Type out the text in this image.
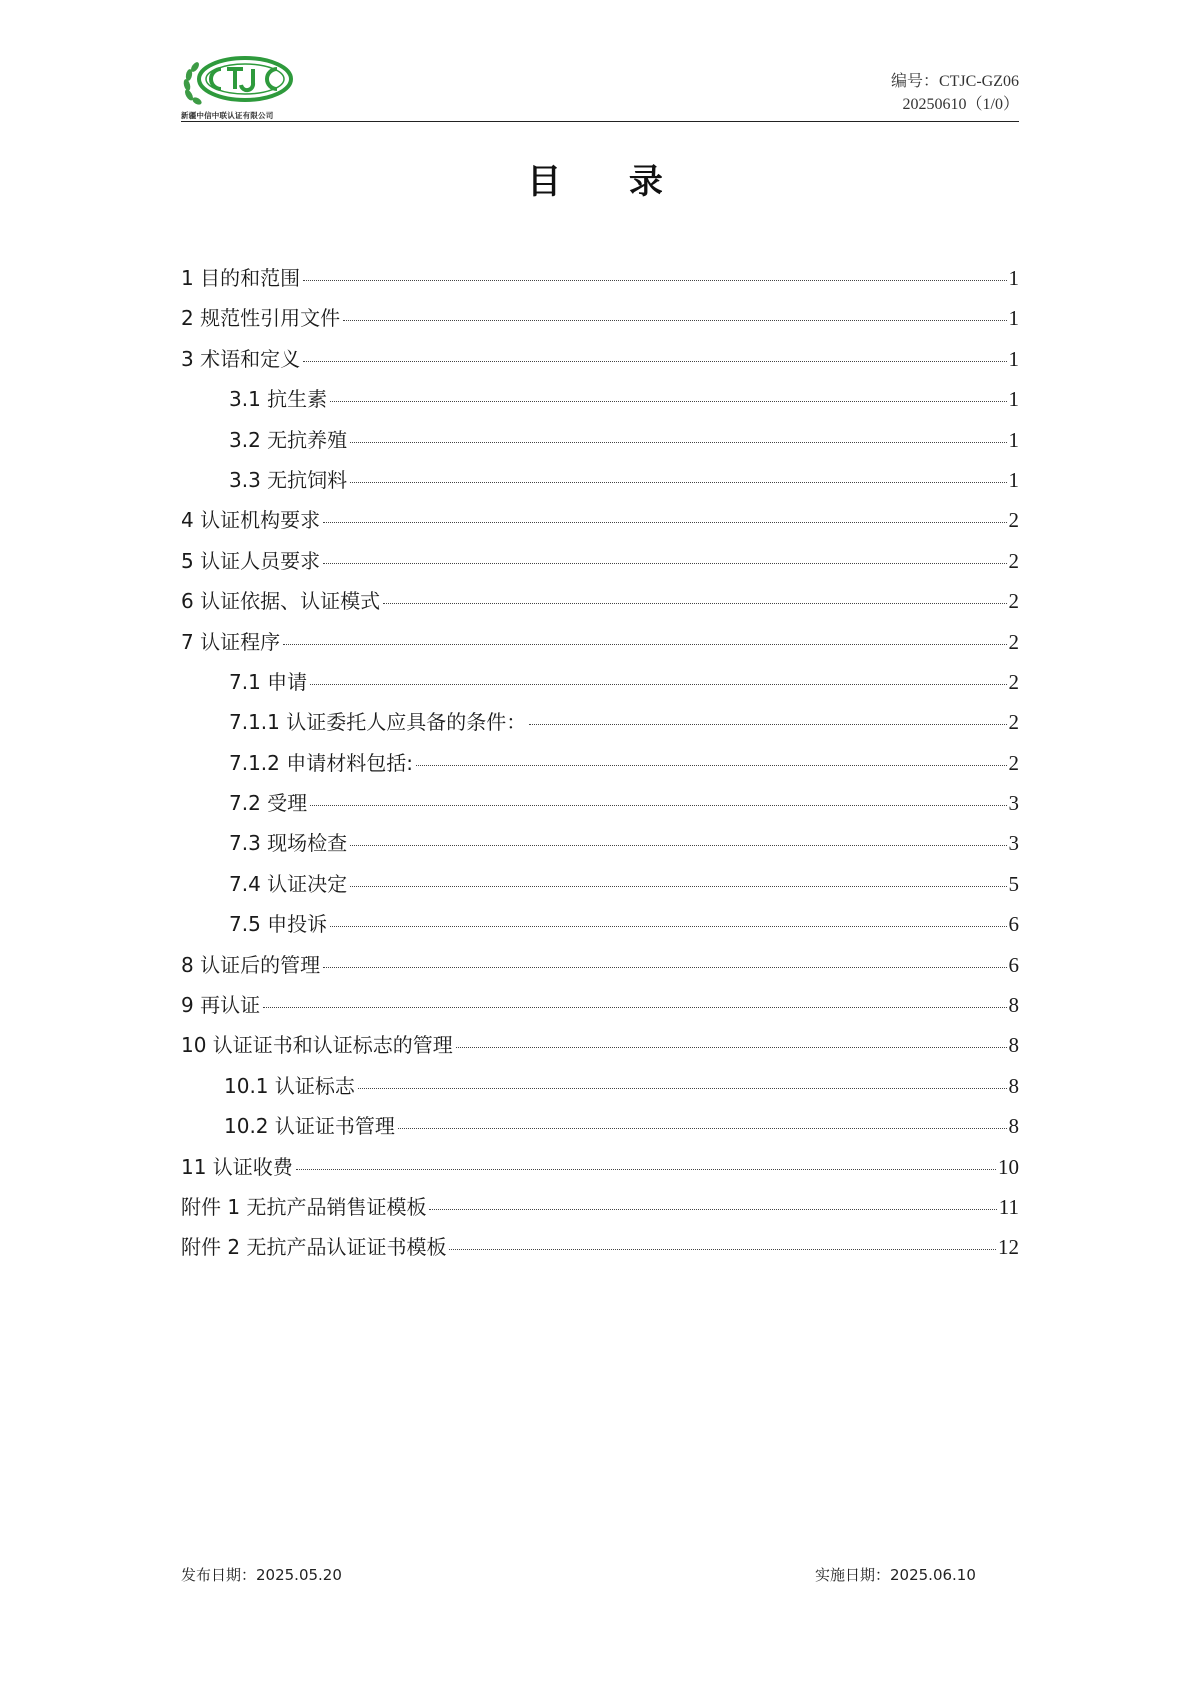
新疆中信中联认证有限公司
编号：CTJC-GZ06
20250610（1/0）
目 录
1 目的和范围	1
2 规范性引用文件	1
3 术语和定义	1
3.1 抗生素	1
3.2 无抗养殖	1
3.3 无抗饲料	1
4 认证机构要求	2
5 认证人员要求	2
6 认证依据、认证模式	2
7 认证程序	2
7.1 申请	2
7.1.1 认证委托人应具备的条件：	2
7.1.2 申请材料包括:	2
7.2 受理	3
7.3 现场检查	3
7.4 认证决定	5
7.5 申投诉	6
8 认证后的管理	6
9 再认证	8
10 认证证书和认证标志的管理	8
10.1 认证标志	8
10.2 认证证书管理	8
11 认证收费	10
附件 1 无抗产品销售证模板	11
附件 2 无抗产品认证证书模板	12
发布日期：2025.05.20	实施日期：2025.06.10
